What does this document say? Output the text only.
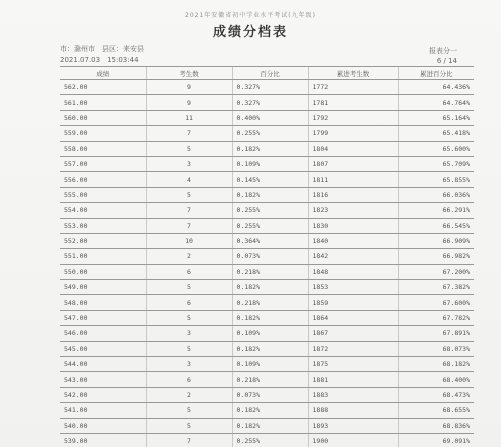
2021年安徽省初中学业水平考试(九年级)
成绩分档表
市：滁州市　县区：来安县
2021.07.03　15:03:44
报表分一
6 / 14
成绩	考生数	百分比	累进考生数	累进百分比
562.00	9	0.327%	1772	64.436%
561.00	9	0.327%	1781	64.764%
560.00	11	0.400%	1792	65.164%
559.00	7	0.255%	1799	65.418%
558.00	5	0.182%	1804	65.600%
557.00	3	0.109%	1807	65.709%
556.00	4	0.145%	1811	65.855%
555.00	5	0.182%	1816	66.036%
554.00	7	0.255%	1823	66.291%
553.00	7	0.255%	1830	66.545%
552.00	10	0.364%	1840	66.909%
551.00	2	0.073%	1842	66.982%
550.00	6	0.218%	1848	67.200%
549.00	5	0.182%	1853	67.382%
548.00	6	0.218%	1859	67.600%
547.00	5	0.182%	1864	67.782%
546.00	3	0.109%	1867	67.891%
545.00	5	0.182%	1872	68.073%
544.00	3	0.109%	1875	68.182%
543.00	6	0.218%	1881	68.400%
542.00	2	0.073%	1883	68.473%
541.00	5	0.182%	1888	68.655%
540.00	5	0.182%	1893	68.836%
539.00	7	0.255%	1900	69.091%
